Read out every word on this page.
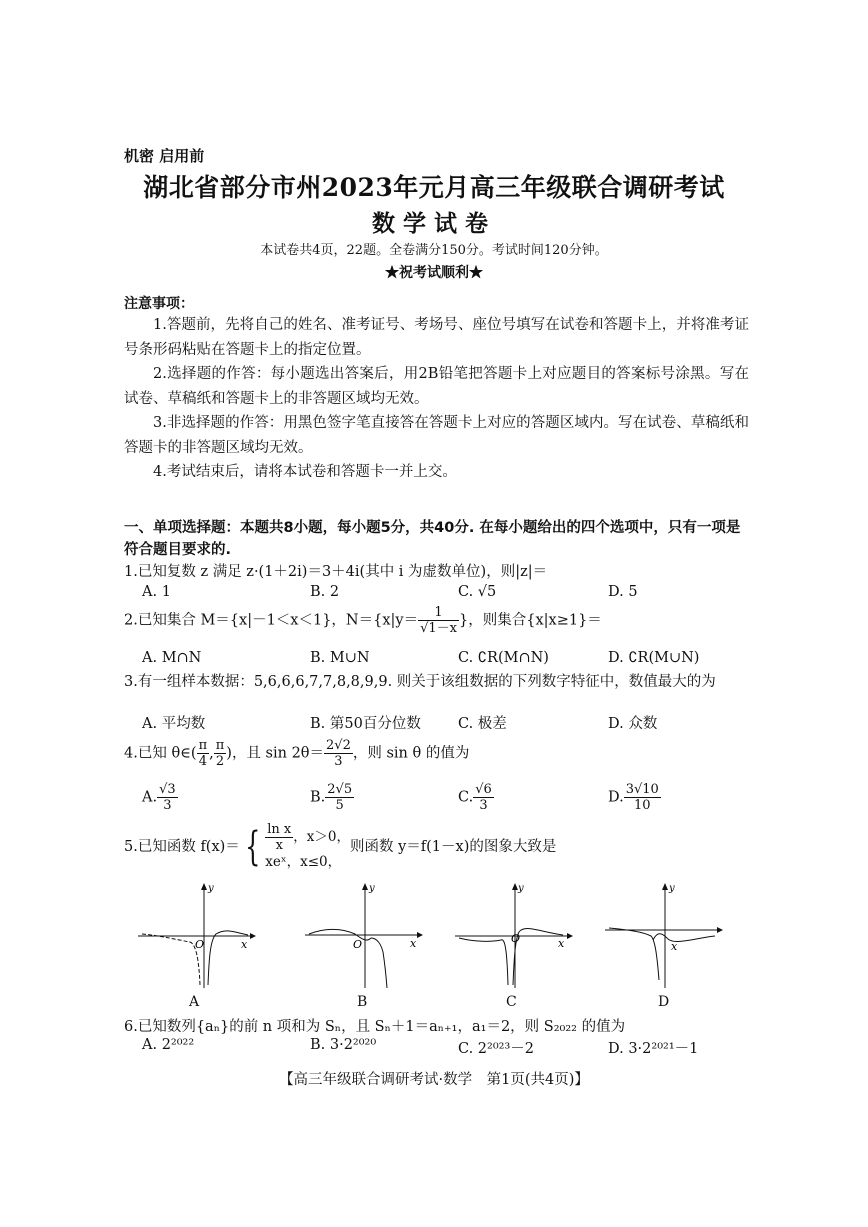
机密 启用前
湖北省部分市州2023年元月高三年级联合调研考试
数学试卷
本试卷共4页，22题。全卷满分150分。考试时间120分钟。
★祝考试顺利★
注意事项：
1.答题前，先将自己的姓名、准考证号、考场号、座位号填写在试卷和答题卡上，并将准考证号条形码粘贴在答题卡上的指定位置。
2.选择题的作答：每小题选出答案后，用2B铅笔把答题卡上对应题目的答案标号涂黑。写在试卷、草稿纸和答题卡上的非答题区域均无效。
3.非选择题的作答：用黑色签字笔直接答在答题卡上对应的答题区域内。写在试卷、草稿纸和答题卡的非答题区域均无效。
4.考试结束后，请将本试卷和答题卡一并上交。
一、单项选择题：本题共8小题，每小题5分，共40分. 在每小题给出的四个选项中，只有一项是符合题目要求的.
1.已知复数 z 满足 z·(1＋2i)＝3＋4i(其中 i 为虚数单位)，则|z|＝
A. 1	B. 2	C. √5	D. 5
2.已知集合 M＝{x|－1＜x＜1}，$N=\{x|y= \frac{1}{√1-x}$ }，则集合{x|x≥1}＝
A. M∩N	B. M∪N	C. ∁R(M∩N)	D. ∁R(M∪N)
3.有一组样本数据：5,6,6,6,7,7,8,8,9,9. 则关于该组数据的下列数字特征中，数值最大的为
A. 平均数	B. 第50百分位数	C. 极差	D. 众数
4.已知 θ∈( $\frac{\pi}{4}$ , $\frac{\pi}{2}$ )，且 $\sin 2\theta= \frac{2√2}{3}$ ，则 sin θ 的值为
A. $\frac{√3}{3}$	B. $\frac{2√5}{5}$	C. $\frac{√6}{3}$	D. $\frac{3√10}{10}$
5.已知函数 f(x)＝ { $\frac{\text{ln x}}{x}$ ，x＞0，
xeˣ，x≤0，
则函数 y＝f(1－x)的图象大致是
O	x
y
O	x
y
O	x
y
x
y
A	B	C	D
6.已知数列{aₙ}的前 n 项和为 Sₙ，且 Sₙ＋1＝aₙ₊₁，a₁＝2，则 S₂₀₂₂ 的值为
A. 2²⁰²²	B. 3·2²⁰²⁰	C. 2²⁰²³－2	D. 3·2²⁰²¹－1
【高三年级联合调研考试·数学　第1页(共4页)】
